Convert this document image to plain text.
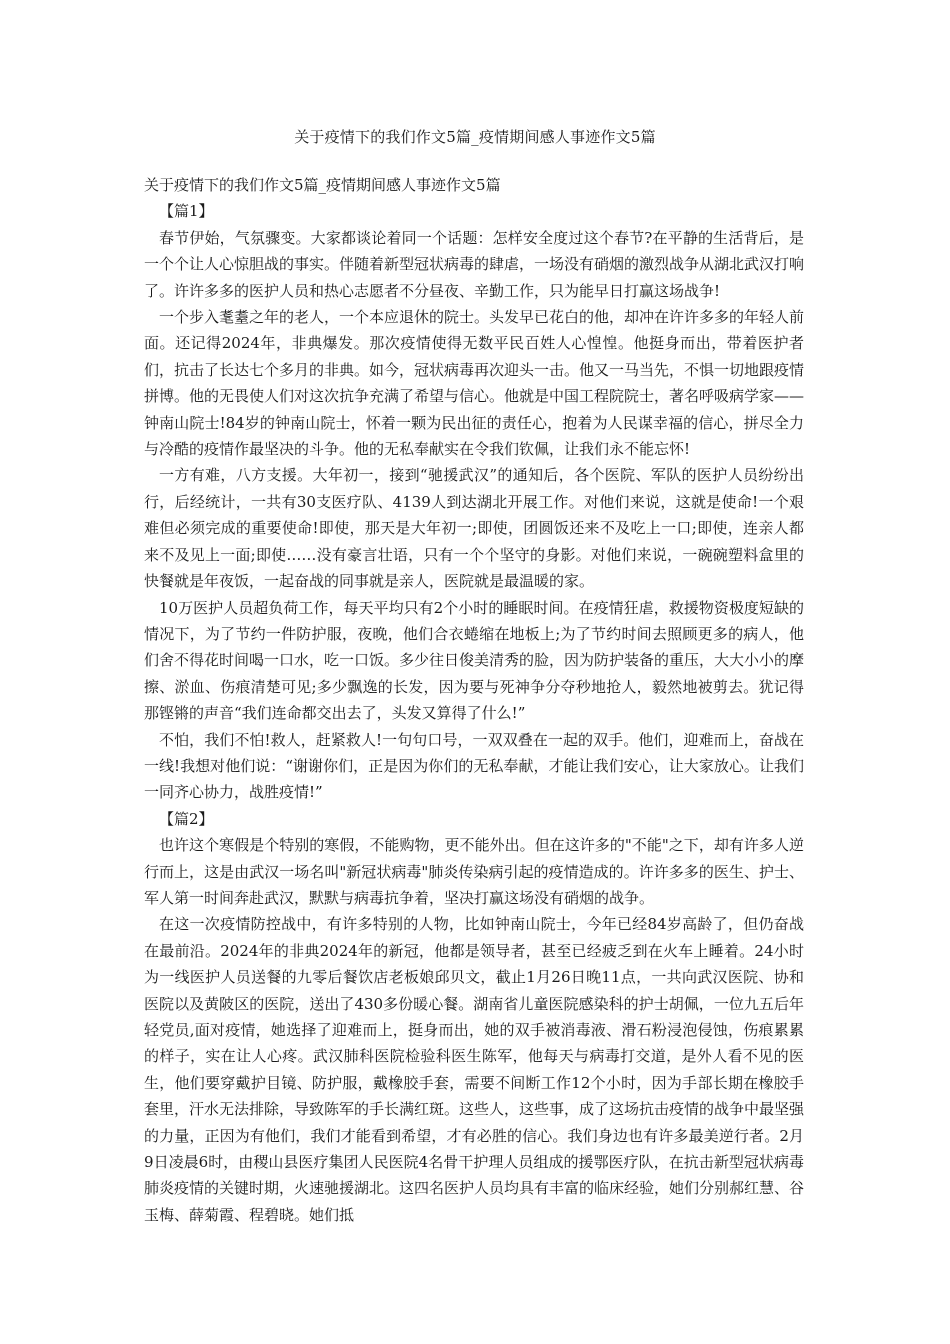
关于疫情下的我们作文5篇_疫情期间感人事迹作文5篇

关于疫情下的我们作文5篇_疫情期间感人事迹作文5篇

【篇1】

春节伊始，气氛骤变。大家都谈论着同一个话题：怎样安全度过这个春节?在平静的生活背后，是一个个让人心惊胆战的事实。伴随着新型冠状病毒的肆虐，一场没有硝烟的激烈战争从湖北武汉打响了。许许多多的医护人员和热心志愿者不分昼夜、辛勤工作，只为能早日打赢这场战争!

一个步入耄耋之年的老人，一个本应退休的院士。头发早已花白的他，却冲在许许多多的年轻人前面。还记得2024年，非典爆发。那次疫情使得无数平民百姓人心惶惶。他挺身而出，带着医护者们，抗击了长达七个多月的非典。如今，冠状病毒再次迎头一击。他又一马当先，不惧一切地跟疫情拼博。他的无畏使人们对这次抗争充满了希望与信心。他就是中国工程院院士，著名呼吸病学家——钟南山院士!84岁的钟南山院士，怀着一颗为民出征的责任心，抱着为人民谋幸福的信心，拼尽全力与冷酷的疫情作最坚决的斗争。他的无私奉献实在令我们钦佩，让我们永不能忘怀!

一方有难，八方支援。大年初一，接到“驰援武汉”的通知后，各个医院、军队的医护人员纷纷出行，后经统计，一共有30支医疗队、4139人到达湖北开展工作。对他们来说，这就是使命!一个艰难但必须完成的重要使命!即使，那天是大年初一;即使，团圆饭还来不及吃上一口;即使，连亲人都来不及见上一面;即使……没有豪言壮语，只有一个个坚守的身影。对他们来说，一碗碗塑料盒里的快餐就是年夜饭，一起奋战的同事就是亲人，医院就是最温暖的家。

10万医护人员超负荷工作，每天平均只有2个小时的睡眠时间。在疫情狂虐，救援物资极度短缺的情况下，为了节约一件防护服，夜晚，他们合衣蜷缩在地板上;为了节约时间去照顾更多的病人，他们舍不得花时间喝一口水，吃一口饭。多少往日俊美清秀的脸，因为防护装备的重压，大大小小的摩擦、淤血、伤痕清楚可见;多少飘逸的长发，因为要与死神争分夺秒地抢人，毅然地被剪去。犹记得那铿锵的声音“我们连命都交出去了，头发又算得了什么!”

不怕，我们不怕!救人，赶紧救人!一句句口号，一双双叠在一起的双手。他们，迎难而上，奋战在一线!我想对他们说：“谢谢你们，正是因为你们的无私奉献，才能让我们安心，让大家放心。让我们一同齐心协力，战胜疫情!”

【篇2】

也许这个寒假是个特别的寒假，不能购物，更不能外出。但在这许多的"不能"之下，却有许多人逆行而上，这是由武汉一场名叫"新冠状病毒"肺炎传染病引起的疫情造成的。许许多多的医生、护士、军人第一时间奔赴武汉，默默与病毒抗争着，坚决打赢这场没有硝烟的战争。

在这一次疫情防控战中，有许多特别的人物，比如钟南山院士，今年已经84岁高龄了，但仍奋战在最前沿。2024年的非典2024年的新冠，他都是领导者，甚至已经疲乏到在火车上睡着。24小时为一线医护人员送餐的九零后餐饮店老板娘邱贝文，截止1月26日晚11点，一共向武汉医院、协和医院以及黄陂区的医院，送出了430多份暖心餐。湖南省儿童医院感染科的护士胡佩，一位九五后年轻党员,面对疫情，她选择了迎难而上，挺身而出，她的双手被消毒液、滑石粉浸泡侵蚀，伤痕累累的样子，实在让人心疼。武汉肺科医院检验科医生陈军，他每天与病毒打交道，是外人看不见的医生，他们要穿戴护目镜、防护服，戴橡胶手套，需要不间断工作12个小时，因为手部长期在橡胶手套里，汗水无法排除，导致陈军的手长满红斑。这些人，这些事，成了这场抗击疫情的战争中最坚强的力量，正因为有他们，我们才能看到希望，才有必胜的信心。我们身边也有许多最美逆行者。2月9日凌晨6时，由稷山县医疗集团人民医院4名骨干护理人员组成的援鄂医疗队，在抗击新型冠状病毒肺炎疫情的关键时期，火速驰援湖北。这四名医护人员均具有丰富的临床经验，她们分别郝红慧、谷玉梅、薛菊霞、程碧晓。她们抵
